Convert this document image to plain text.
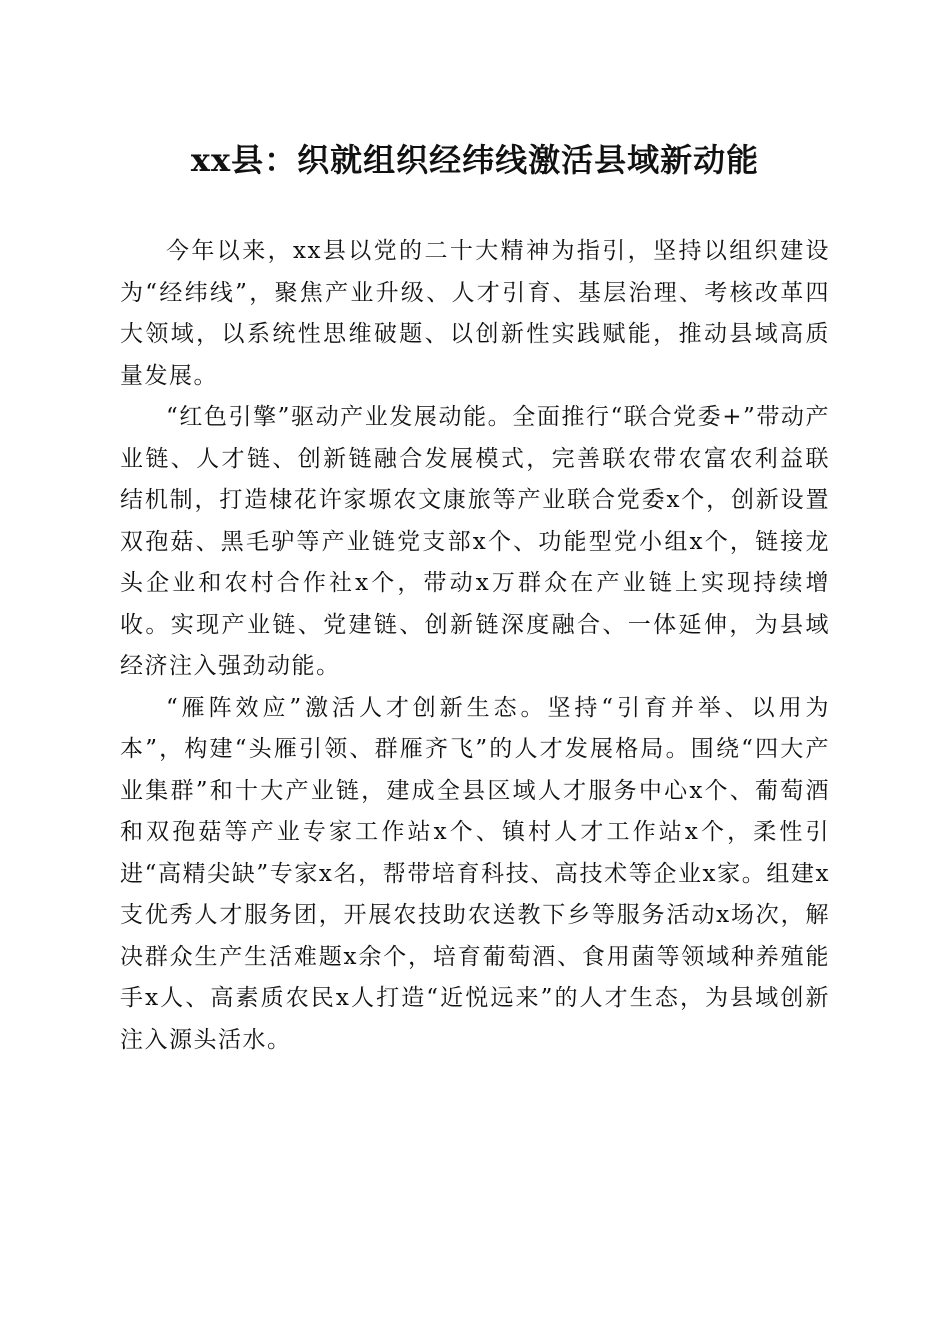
xx县：织就组织经纬线激活县域新动能

今年以来，xx县以党的二十大精神为指引，坚持以组织建设为“经纬线”，聚焦产业升级、人才引育、基层治理、考核改革四大领域，以系统性思维破题、以创新性实践赋能，推动县域高质量发展。

“红色引擎”驱动产业发展动能。全面推行“联合党委+”带动产业链、人才链、创新链融合发展模式，完善联农带农富农利益联结机制，打造棣花许家塬农文康旅等产业联合党委x个，创新设置双孢菇、黑毛驴等产业链党支部x个、功能型党小组x个，链接龙头企业和农村合作社x个，带动x万群众在产业链上实现持续增收。实现产业链、党建链、创新链深度融合、一体延伸，为县域经济注入强劲动能。

“雁阵效应”激活人才创新生态。坚持“引育并举、以用为本”，构建“头雁引领、群雁齐飞”的人才发展格局。围绕“四大产业集群”和十大产业链，建成全县区域人才服务中心x个、葡萄酒和双孢菇等产业专家工作站x个、镇村人才工作站x个，柔性引进“高精尖缺”专家x名，帮带培育科技、高技术等企业x家。组建x支优秀人才服务团，开展农技助农送教下乡等服务活动x场次，解决群众生产生活难题x余个，培育葡萄酒、食用菌等领域种养殖能手x人、高素质农民x人打造“近悦远来”的人才生态，为县域创新注入源头活水。
